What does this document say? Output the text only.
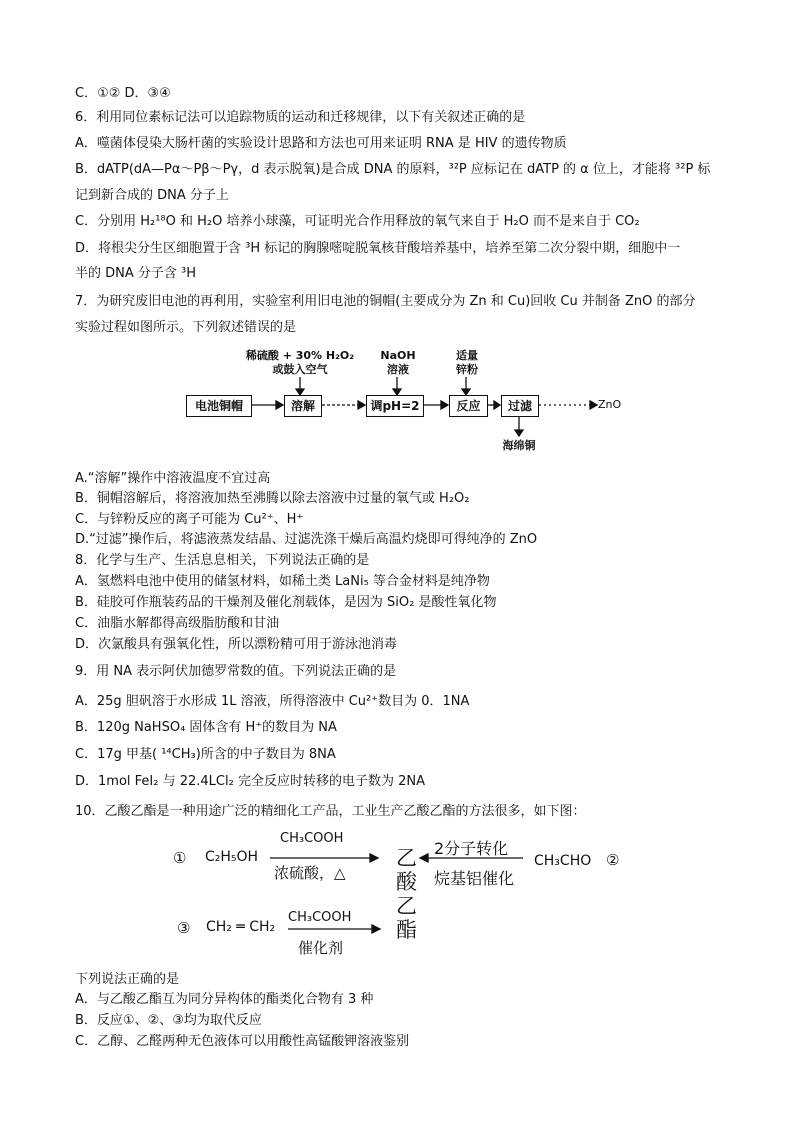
C．①② D．③④
6．利用同位素标记法可以追踪物质的运动和迁移规律，以下有关叙述正确的是
A．噬菌体侵染大肠杆菌的实验设计思路和方法也可用来证明 RNA 是 HIV 的遗传物质
B．dATP(dA—Pα～Pβ～Pγ，d 表示脱氧)是合成 DNA 的原料，³²P 应标记在 dATP 的 α 位上，才能将 ³²P 标
记到新合成的 DNA 分子上
C．分别用 H₂¹⁸O 和 H₂O 培养小球藻，可证明光合作用释放的氧气来自于 H₂O 而不是来自于 CO₂
D．将根尖分生区细胞置于含 ³H 标记的胸腺嘧啶脱氧核苷酸培养基中，培养至第二次分裂中期，细胞中一
半的 DNA 分子含 ³H
7．为研究废旧电池的再利用，实验室利用旧电池的铜帽(主要成分为 Zn 和 Cu)回收 Cu 并制备 ZnO 的部分
实验过程如图所示。下列叙述错误的是
稀硫酸 + 30% H₂O₂
或鼓入空气
NaOH
溶液
适量
锌粉
电池铜帽	溶解	调pH=2	反应	过滤	ZnO
海绵铜
A.“溶解”操作中溶液温度不宜过高
B．铜帽溶解后，将溶液加热至沸腾以除去溶液中过量的氧气或 H₂O₂
C．与锌粉反应的离子可能为 Cu²⁺、H⁺
D.“过滤”操作后，将滤液蒸发结晶、过滤洗涤干燥后高温灼烧即可得纯净的 ZnO
8．化学与生产、生活息息相关，下列说法正确的是
A．氢燃料电池中使用的储氢材料，如稀土类 LaNi₅ 等合金材料是纯净物
B．硅胶可作瓶装药品的干燥剂及催化剂载体，是因为 SiO₂ 是酸性氧化物
C．油脂水解都得高级脂肪酸和甘油
D．次氯酸具有强氧化性，所以漂粉精可用于游泳池消毒
9．用 NA 表示阿伏加德罗常数的值。下列说法正确的是
A．25g 胆矾溶于水形成 1L 溶液，所得溶液中 Cu²⁺数目为 0．1NA
B．120g NaHSO₄ 固体含有 H⁺的数目为 NA
C．17g 甲基( ¹⁴CH₃)所含的中子数目为 8NA
D．1mol FeI₂ 与 22.4LCl₂ 完全反应时转移的电子数为 2NA
10．乙酸乙酯是一种用途广泛的精细化工产品，工业生产乙酸乙酯的方法很多，如下图：
① C₂H₅OH
CH₃COOH
浓硫酸，△
乙
酸
乙
酯
2分子转化
烷基铝催化
CH₃CHO ②
③ CH₂ ═ CH₂
CH₃COOH
催化剂
下列说法正确的是
A．与乙酸乙酯互为同分异构体的酯类化合物有 3 种
B．反应①、②、③均为取代反应
C．乙醇、乙醛两种无色液体可以用酸性高锰酸钾溶液鉴别
